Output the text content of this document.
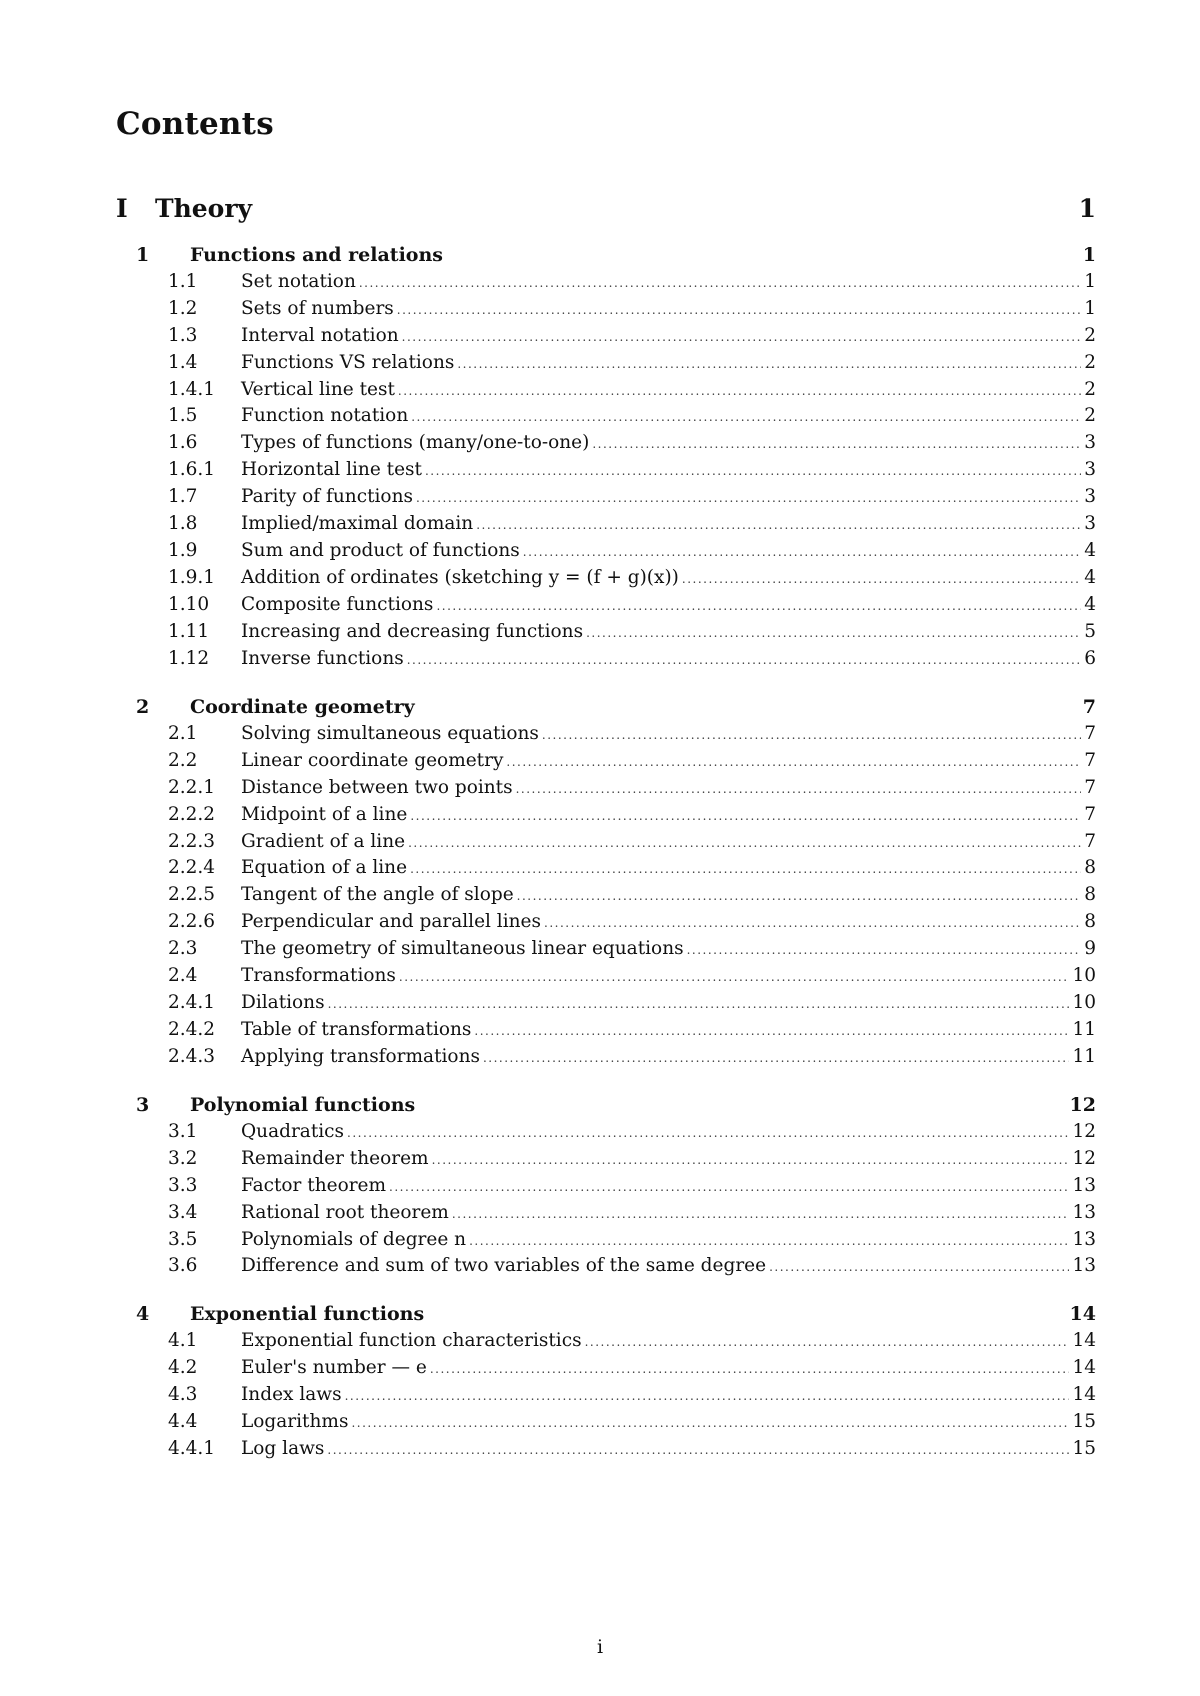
Contents
I Theory	1
1 Functions and relations	1
1.1	Set notation .....	1
1.2	Sets of numbers .....	1
1.3	Interval notation .....	2
1.4	Functions VS relations .....	2
1.4.1	Vertical line test .....	2
1.5	Function notation .....	2
1.6	Types of functions (many/one-to-one) .....	3
1.6.1	Horizontal line test .....	3
1.7	Parity of functions .....	3
1.8	Implied/maximal domain .....	3
1.9	Sum and product of functions .....	4
1.9.1	Addition of ordinates (sketching y = (f + g)(x)) .....	4
1.10	Composite functions .....	4
1.11	Increasing and decreasing functions .....	5
1.12	Inverse functions .....	6
2 Coordinate geometry	7
2.1	Solving simultaneous equations .....	7
2.2	Linear coordinate geometry .....	7
2.2.1	Distance between two points .....	7
2.2.2	Midpoint of a line .....	7
2.2.3	Gradient of a line .....	7
2.2.4	Equation of a line .....	8
2.2.5	Tangent of the angle of slope .....	8
2.2.6	Perpendicular and parallel lines .....	8
2.3	The geometry of simultaneous linear equations .....	9
2.4	Transformations .....	10
2.4.1	Dilations .....	10
2.4.2	Table of transformations .....	11
2.4.3	Applying transformations .....	11
3 Polynomial functions	12
3.1	Quadratics .....	12
3.2	Remainder theorem .....	12
3.3	Factor theorem .....	13
3.4	Rational root theorem .....	13
3.5	Polynomials of degree n .....	13
3.6	Difference and sum of two variables of the same degree .....	13
4 Exponential functions	14
4.1	Exponential function characteristics .....	14
4.2	Euler's number — e .....	14
4.3	Index laws .....	14
4.4	Logarithms .....	15
4.4.1	Log laws .....	15
i
